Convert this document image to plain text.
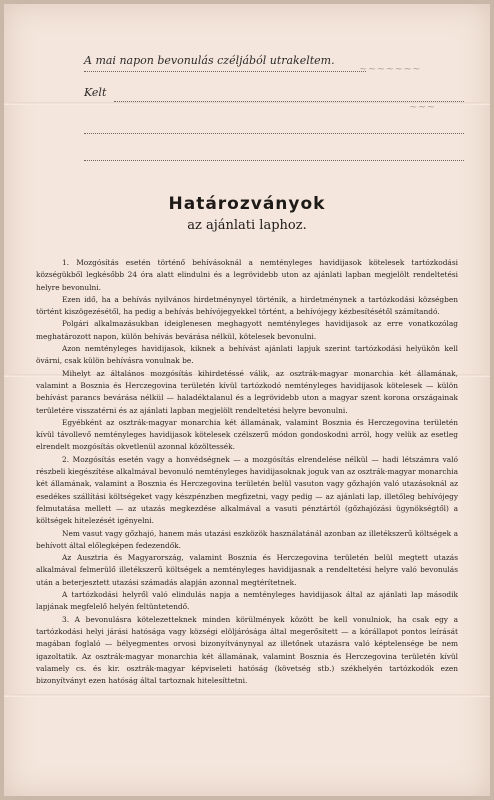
A mai napon bevonulás czéljából utrakeltem.
Kelt
~~~~~~~
~~~
Határozványok
az ajánlati laphoz.

1. Mozgósítás esetén történő behívásoknál a nemtényleges havidijasok kötelesek tartózkodási községükből legkésőbb 24 óra alatt elindulni és a legrövidebb uton az ajánlati lapban megjelölt rendeltetési helyre bevonulni.

Ezen idő, ha a behívás nyilvános hirdetménynyel történik, a hirdetménynek a tartózkodási községben történt kiszögezésétől, ha pedig a behívás behívójegyekkel történt, a behívójegy kézbesítésétől számítandó.

Polgári alkalmazásukban ideiglenesen meghagyott nemtényleges havidijasok az erre vonatkozólag meghatározott napon, külön behívás bevárása nélkül, kötelesek bevonulni.

Azon nemtényleges havidijasok, kiknek a behívást ajánlati lapjuk szerint tartózkodási helyükön kell övárni, csak külön behívásra vonulnak be.

Mihelyt az általános mozgósítás kihirdetéssé válik, az osztrák-magyar monarchia két államának, valamint a Bosznia és Herczegovina területén kívül tartózkodó nemtényleges havidijasok kötelesek — külön behívást parancs bevárása nélkül — haladéktalanul és a legrövidebb uton a magyar szent korona országainak területére visszatérni és az ajánlati lapban megjelölt rendeltetési helyre bevonulni.

Egyébként az osztrák-magyar monarchia két államának, valamint Bosznia és Herczegovina területén kívül távollevő nemtényleges havidijasok kötelesek czélszerű módon gondoskodni arról, hogy velük az esetleg elrendelt mozgósítás okvetlenül azonnal közöltessék.

2. Mozgósítás esetén vagy a honvédségnek — a mozgósítás elrendelése nélkül — hadi létszámra való részbeli kiegészítése alkalmával bevonuló nemtényleges havidijasoknak joguk van az osztrák-magyar monarchia két államának, valamint a Bosznia és Herczegovina területén belül vasuton vagy gőzhajón való utazásoknál az esedékes szállítási költségeket vagy készpénzben megfizetni, vagy pedig — az ajánlati lap, illetőleg behívójegy felmutatása mellett — az utazás megkezdése alkalmával a vasuti pénztártól (gőzhajózási ügynökségtől) a költségek hitelezését igényelni.

Nem vasut vagy gőzhajó, hanem más utazási eszközök használatánál azonban az illetékszerű költségek a behívott által előlegképen fedezendők.

Az Ausztria és Magyarország, valamint Bosznia és Herczegovina területén belül megtett utazás alkalmával felmerülő illetékszerű költségek a nemtényleges havidijasnak a rendeltetési helyre való bevonulás után a beterjesztett utazási számadás alapján azonnal megtérítetnek.

A tartózkodási helyről való elindulás napja a nemtényleges havidijasok által az ajánlati lap második lapjának megfelelő helyén feltüntetendő.

3. A bevonulásra kötelezetteknek minden körülmények között be kell vonulniok, ha csak egy a tartózkodási helyi járási hatósága vagy községi elöljárósága által megerősített — a kórállapot pontos leírását magában foglaló — bélyegmentes orvosi bizonyítványnyal az illetőnek utazásra való képtelensége be nem igazoltatik. Az osztrák-magyar monarchia két államának, valamint Bosznia és Herczegovina területén kívül valamely cs. és kir. osztrák-magyar képviseleti hatóság (követség stb.) székhelyén tartózkodók ezen bizonyítványt ezen hatóság által tartoznak hitelesíttetni.
